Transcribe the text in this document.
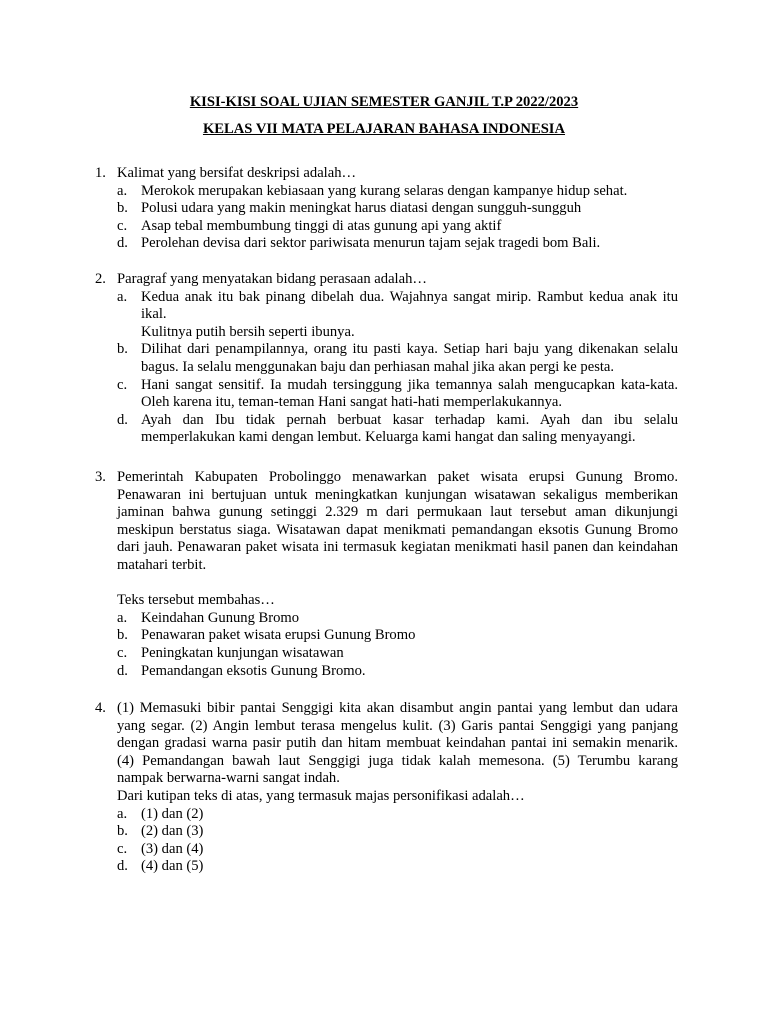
KISI-KISI SOAL UJIAN SEMESTER GANJIL T.P 2022/2023
KELAS VII MATA PELAJARAN BAHASA INDONESIA
1. Kalimat yang bersifat deskripsi adalah…

a. Merokok merupakan kebiasaan yang kurang selaras dengan kampanye hidup sehat.
b. Polusi udara yang makin meningkat harus diatasi dengan sungguh-sungguh
c. Asap tebal membumbung tinggi di atas gunung api yang aktif
d. Perolehan devisa dari sektor pariwisata menurun tajam sejak tragedi bom Bali.
2. Paragraf yang menyatakan bidang perasaan adalah…

a. Kedua anak itu bak pinang dibelah dua. Wajahnya sangat mirip. Rambut kedua anak itu ikal.
Kulitnya putih bersih seperti ibunya.
b. Dilihat dari penampilannya, orang itu pasti kaya. Setiap hari baju yang dikenakan selalu bagus. Ia selalu menggunakan baju dan perhiasan mahal jika akan pergi ke pesta.
c. Hani sangat sensitif. Ia mudah tersinggung jika temannya salah mengucapkan kata-kata. Oleh karena itu, teman-teman Hani sangat hati-hati memperlakukannya.
d. Ayah dan Ibu tidak pernah berbuat kasar terhadap kami. Ayah dan ibu selalu memperlakukan kami dengan lembut. Keluarga kami hangat dan saling menyayangi.
3. Pemerintah Kabupaten Probolinggo menawarkan paket wisata erupsi Gunung Bromo. Penawaran ini bertujuan untuk meningkatkan kunjungan wisatawan sekaligus memberikan jaminan bahwa gunung setinggi 2.329 m dari permukaan laut tersebut aman dikunjungi meskipun berstatus siaga. Wisatawan dapat menikmati pemandangan eksotis Gunung Bromo dari jauh. Penawaran paket wisata ini termasuk kegiatan menikmati hasil panen dan keindahan matahari terbit.

Teks tersebut membahas…

a. Keindahan Gunung Bromo
b. Penawaran paket wisata erupsi Gunung Bromo
c. Peningkatan kunjungan wisatawan
d. Pemandangan eksotis Gunung Bromo.
4. (1) Memasuki bibir pantai Senggigi kita akan disambut angin pantai yang lembut dan udara yang segar. (2) Angin lembut terasa mengelus kulit. (3) Garis pantai Senggigi yang panjang dengan gradasi warna pasir putih dan hitam membuat keindahan pantai ini semakin menarik. (4) Pemandangan bawah laut Senggigi juga tidak kalah memesona. (5) Terumbu karang nampak berwarna-warni sangat indah.

Dari kutipan teks di atas, yang termasuk majas personifikasi adalah…

a. (1) dan (2)
b. (2) dan (3)
c. (3) dan (4)
d. (4) dan (5)
